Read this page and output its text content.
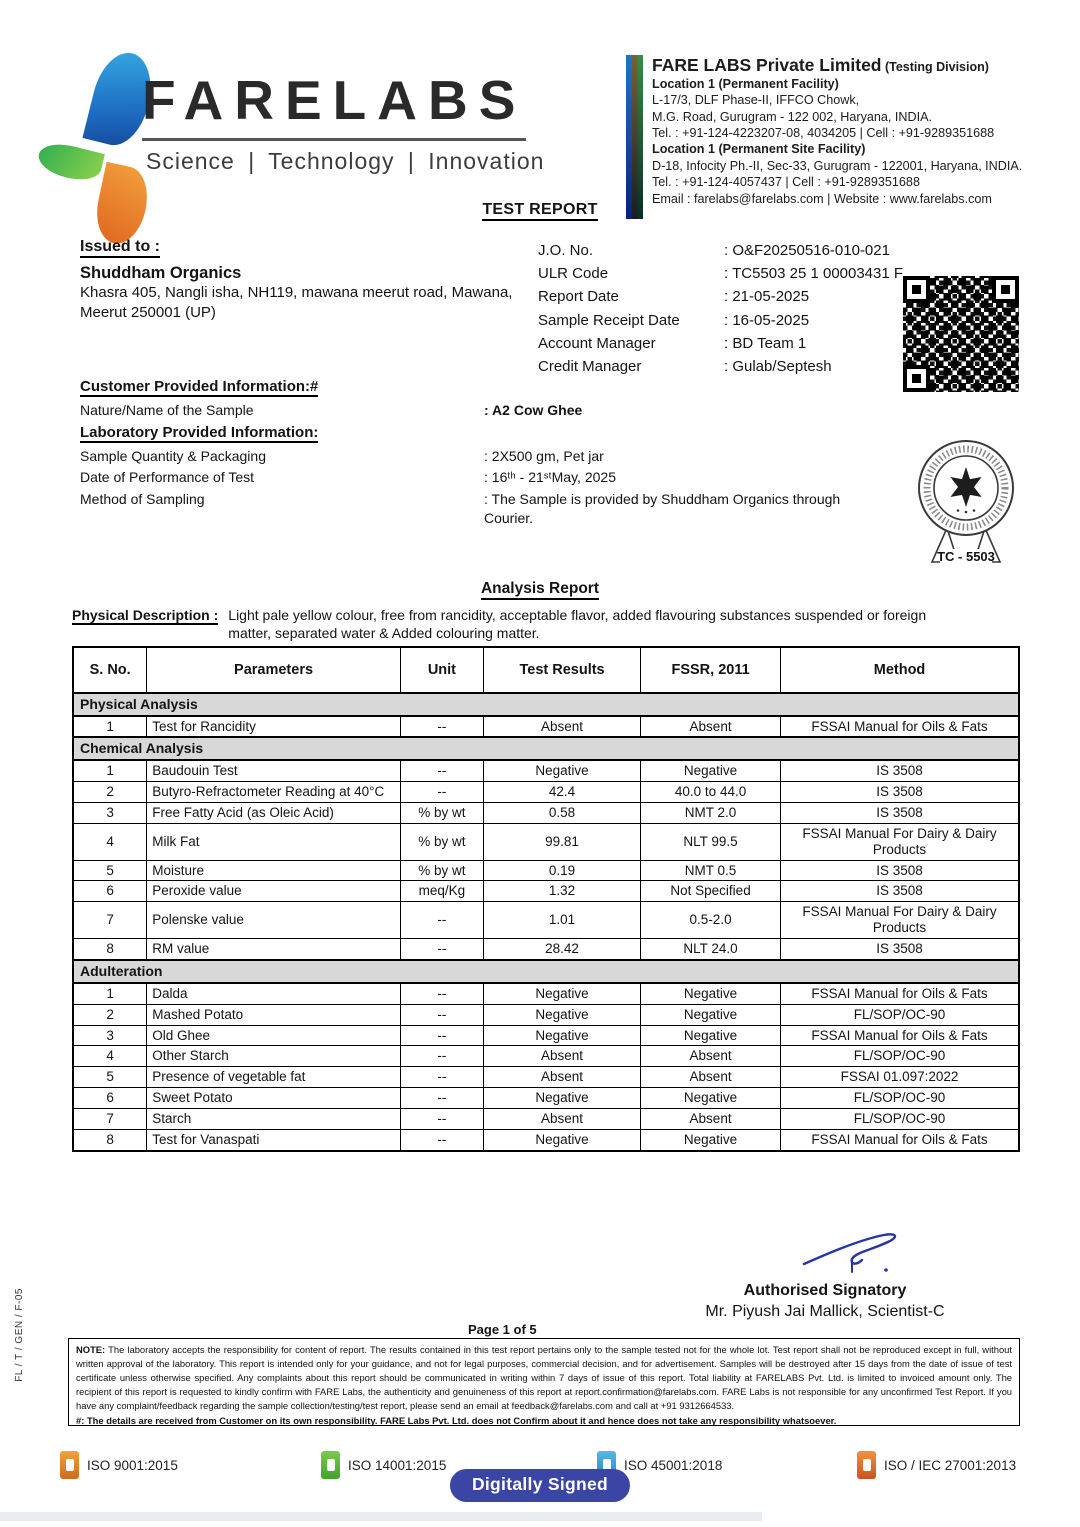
FARELABS
Science | Technology | Innovation
FARE LABS Private Limited (Testing Division)
Location 1 (Permanent Facility)
L-17/3, DLF Phase-II, IFFCO Chowk,
M.G. Road, Gurugram - 122 002, Haryana, INDIA.
Tel. : +91-124-4223207-08, 4034205 | Cell : +91-9289351688
Location 1 (Permanent Site Facility)
D-18, Infocity Ph.-II, Sec-33, Gurugram - 122001, Haryana, INDIA.
Tel. : +91-124-4057437 | Cell : +91-9289351688
Email : farelabs@farelabs.com | Website : www.farelabs.com
TEST REPORT
Issued to :
Shuddham Organics
Khasra 405, Nangli isha, NH119, mawana meerut road, Mawana, Meerut 250001 (UP)
J.O. No.	: O&F20250516-010-021
ULR Code	: TC5503 25 1 00003431 F
Report Date	: 21-05-2025
Sample Receipt Date	: 16-05-2025
Account Manager	: BD Team 1
Credit Manager	: Gulab/Septesh
Customer Provided Information:#
Nature/Name of the Sample	: A2 Cow Ghee
Laboratory Provided Information:
Sample Quantity & Packaging	: 2X500 gm, Pet jar
Date of Performance of Test	: 16ᵗʰ - 21ˢᵗMay, 2025
Method of Sampling	: The Sample is provided by Shuddham Organics through Courier.
TC - 5503
Analysis Report
Physical Description : Light pale yellow colour, free from rancidity, acceptable flavor, added flavouring substances suspended or foreign matter, separated water & Added colouring matter.
S. No.	Parameters	Unit	Test Results	FSSR, 2011	Method
Physical Analysis					
1	Test for Rancidity	--	Absent	Absent	FSSAI Manual for Oils & Fats
Chemical Analysis					
1	Baudouin Test	--	Negative	Negative	IS 3508
2	Butyro-Refractometer Reading at 40°C	--	42.4	40.0 to 44.0	IS 3508
3	Free Fatty Acid (as Oleic Acid)	% by wt	0.58	NMT 2.0	IS 3508
4	Milk Fat	% by wt	99.81	NLT 99.5	FSSAI Manual For Dairy & Dairy Products
5	Moisture	% by wt	0.19	NMT 0.5	IS 3508
6	Peroxide value	meq/Kg	1.32	Not Specified	IS 3508
7	Polenske value	--	1.01	0.5-2.0	FSSAI Manual For Dairy & Dairy Products
8	RM value	--	28.42	NLT 24.0	IS 3508
Adulteration					
1	Dalda	--	Negative	Negative	FSSAI Manual for Oils & Fats
2	Mashed Potato	--	Negative	Negative	FL/SOP/OC-90
3	Old Ghee	--	Negative	Negative	FSSAI Manual for Oils & Fats
4	Other Starch	--	Absent	Absent	FL/SOP/OC-90
5	Presence of vegetable fat	--	Absent	Absent	FSSAI 01.097:2022
6	Sweet Potato	--	Negative	Negative	FL/SOP/OC-90
7	Starch	--	Absent	Absent	FL/SOP/OC-90
8	Test for Vanaspati	--	Negative	Negative	FSSAI Manual for Oils & Fats
Authorised Signatory
Mr. Piyush Jai Mallick, Scientist-C
Page 1 of 5
NOTE: The laboratory accepts the responsibility for content of report. The results contained in this test report pertains only to the sample tested not for the whole lot. Test report shall not be reproduced except in full, without written approval of the laboratory. This report is intended only for your guidance, and not for legal purposes, commercial decision, and for advertisement. Samples will be destroyed after 15 days from the date of issue of test certificate unless otherwise specified. Any complaints about this report should be communicated in writing within 7 days of issue of this report. Total liability at FARELABS Pvt. Ltd. is limited to invoiced amount only. The recipient of this report is requested to kindly confirm with FARE Labs, the authenticity and genuineness of this report at report.confirmation@farelabs.com. FARE Labs is not responsible for any unconfirmed Test Report. If you have any complaint/feedback regarding the sample collection/testing/test report, please send an email at feedback@farelabs.com and call at +91 9312664533.
#: The details are received from Customer on its own responsibility. FARE Labs Pvt. Ltd. does not Confirm about it and hence does not take any responsibility whatsoever.
ISO 9001:2015	ISO 14001:2015	ISO 45001:2018	ISO / IEC 27001:2013
Digitally Signed
FL / T / GEN / F-05
